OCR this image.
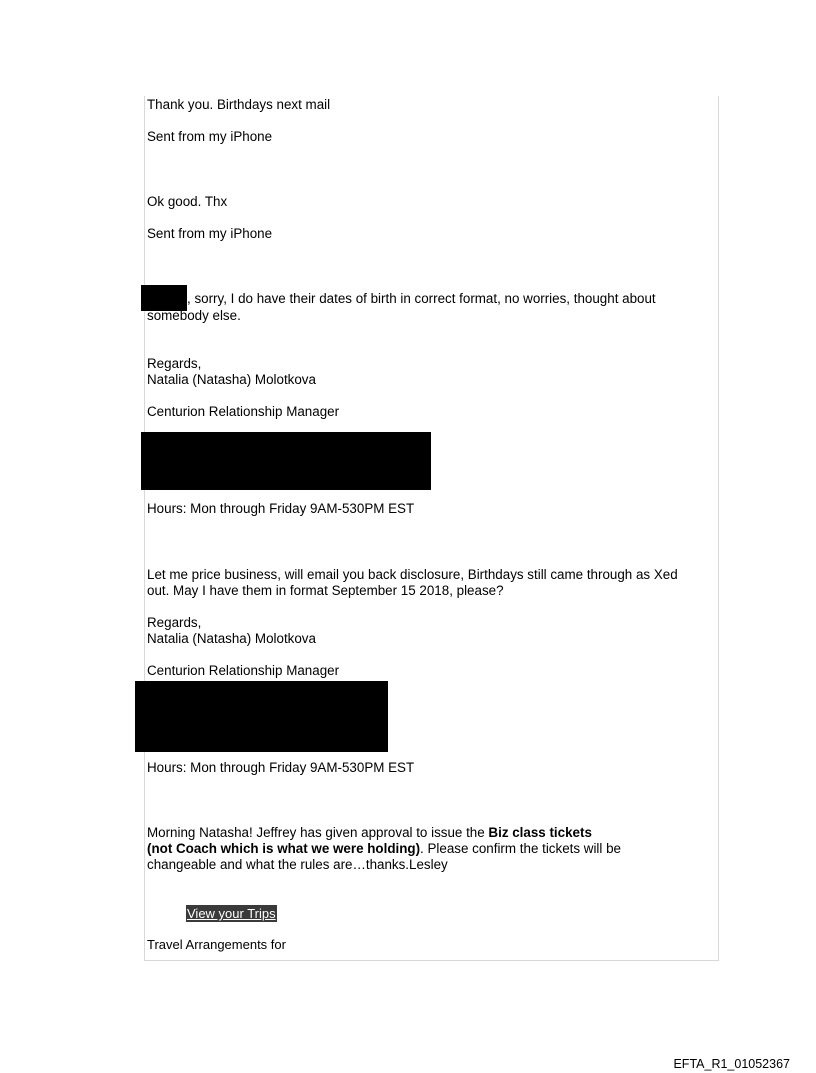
Thank you. Birthdays next mail

Sent from my iPhone

Ok good. Thx

Sent from my iPhone

, sorry, I do have their dates of birth in correct format, no worries, thought about

somebody else.

Regards,

Natalia (Natasha) Molotkova

Centurion Relationship Manager

Hours: Mon through Friday 9AM-530PM EST

Let me price business, will email you back disclosure, Birthdays still came through as Xed

out. May I have them in format September 15 2018, please?

Regards,

Natalia (Natasha) Molotkova

Centurion Relationship Manager

Hours: Mon through Friday 9AM-530PM EST

Morning Natasha! Jeffrey has given approval to issue the Biz class tickets

(not Coach which is what we were holding). Please confirm the tickets will be

changeable and what the rules are…thanks.Lesley

View your Trips

Travel Arrangements for

EFTA_R1_01052367
